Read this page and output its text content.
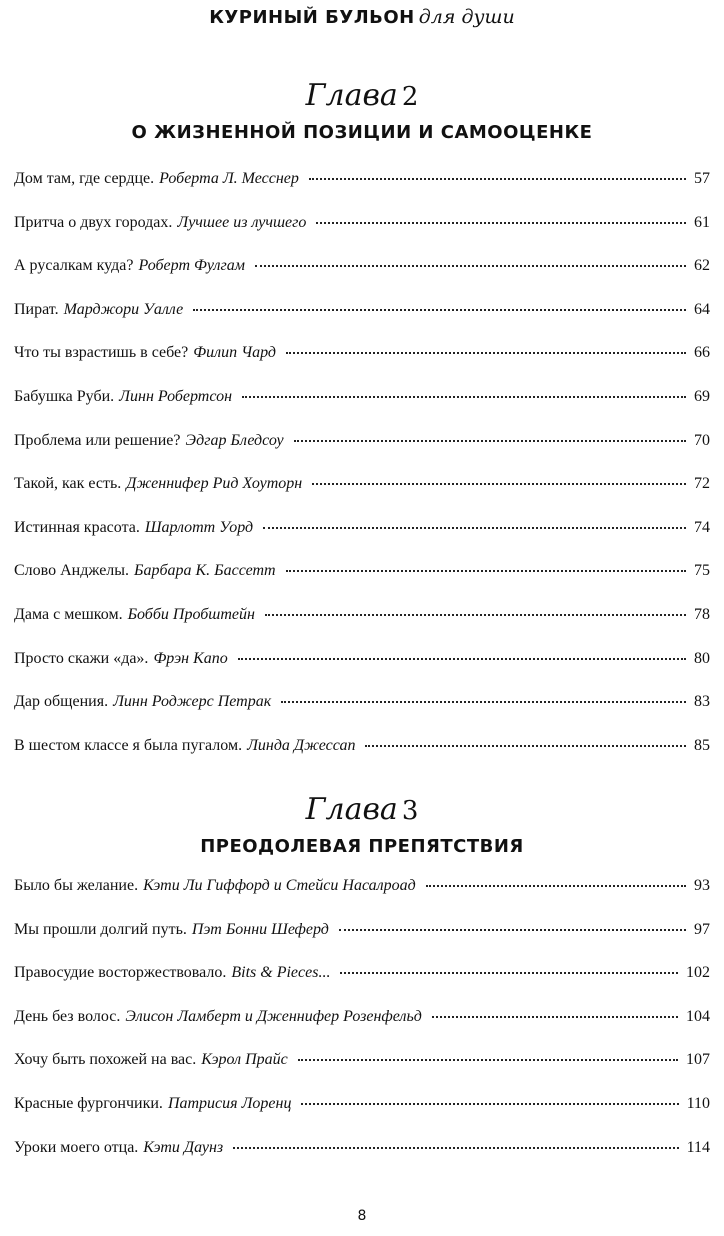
КУРИНЫЙ БУЛЬОН для души
Глава 2
О ЖИЗНЕННОЙ ПОЗИЦИИ И САМООЦЕНКЕ
Дом там, где сердце. Роберта Л. Месснер	57
Притча о двух городах. Лучшее из лучшего	61
А русалкам куда? Роберт Фулгам	62
Пират. Марджори Уалле	64
Что ты взрастишь в себе? Филип Чард	66
Бабушка Руби. Линн Робертсон	69
Проблема или решение? Эдгар Бледсоу	70
Такой, как есть. Дженнифер Рид Хоуторн	72
Истинная красота. Шарлотт Уорд	74
Слово Анджелы. Барбара К. Бассетт	75
Дама с мешком. Бобби Пробштейн	78
Просто скажи «да». Фрэн Капо	80
Дар общения. Линн Роджерс Петрак	83
В шестом классе я была пугалом. Линда Джессап	85
Глава 3
ПРЕОДОЛЕВАЯ ПРЕПЯТСТВИЯ
Было бы желание. Кэти Ли Гиффорд и Стейси Насалроад	93
Мы прошли долгий путь. Пэт Бонни Шеферд	97
Правосудие восторжествовало. Bits & Pieces...	102
День без волос. Элисон Ламберт и Дженнифер Розенфельд	104
Хочу быть похожей на вас. Кэрол Прайс	107
Красные фургончики. Патрисия Лоренц	110
Уроки моего отца. Кэти Даунз	114
8
